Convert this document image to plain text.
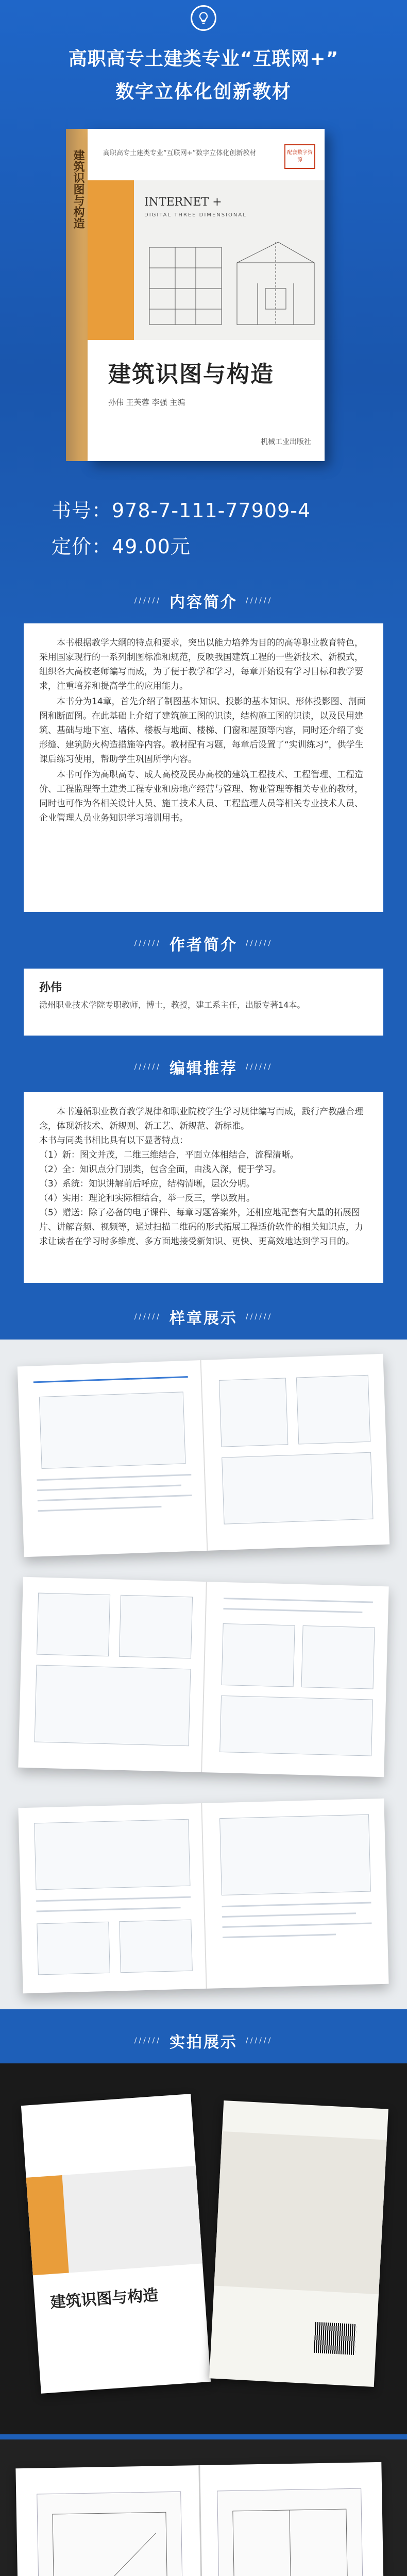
高职高专土建类专业“互联网+”
数字立体化创新教材
建筑识图与构造	高职高专土建类专业“互联网+”数字立体化创新教材	配套数字资源
INTERNET +
DIGITAL THREE DIMENSIONAL
建筑识图与构造
孙伟 王芙蓉 李强 主编
机械工业出版社
书号：978-7-111-77909-4
定价：49.00元
////// 内容简介 //////

本书根据教学大纲的特点和要求，突出以能力培养为目的的高等职业教育特色，采用国家现行的一系列制图标准和规范，反映我国建筑工程的一些新技术、新模式，组织各大高校老师编写而成，为了便于教学和学习，每章开始设有学习目标和教学要求，注重培养和提高学生的应用能力。

本书分为14章，首先介绍了制图基本知识、投影的基本知识、形体投影图、剖面图和断面图。在此基础上介绍了建筑施工图的识读，结构施工图的识读，以及民用建筑、基础与地下室、墙体、楼板与地面、楼梯、门窗和屋顶等内容，同时还介绍了变形缝、建筑防火构造措施等内容。教材配有习题，每章后设置了“实训练习”，供学生课后练习使用，帮助学生巩固所学内容。

本书可作为高职高专、成人高校及民办高校的建筑工程技术、工程管理、工程造价、工程监理等土建类工程专业和房地产经营与管理、物业管理等相关专业的教材，同时也可作为各相关设计人员、施工技术人员、工程监理人员等相关专业技术人员、企业管理人员业务知识学习培训用书。

////// 作者简介 //////
孙伟
滁州职业技术学院专职教师，博士，教授，建工系主任，出版专著14本。
////// 编辑推荐 //////
本书遵循职业教育教学规律和职业院校学生学习规律编写而成，践行产教融合理念，体现新技术、新规则、新工艺、新规范、新标准。
本书与同类书相比具有以下显著特点：
（1）新：图文并茂，二维三维结合，平面立体相结合，流程清晰。
（2）全：知识点分门别类，包含全面，由浅入深，便于学习。
（3）系统：知识讲解前后呼应，结构清晰，层次分明。
（4）实用：理论和实际相结合，举一反三，学以致用。
（5）赠送：除了必备的电子课件、每章习题答案外，还相应地配套有大量的拓展图片、讲解音频、视频等，通过扫描二维码的形式拓展工程适价软件的相关知识点，力求让读者在学习时多维度、多方面地接受新知识、更快、更高效地达到学习目的。
////// 样章展示 //////
////// 实拍展示 //////
建筑识图与构造
